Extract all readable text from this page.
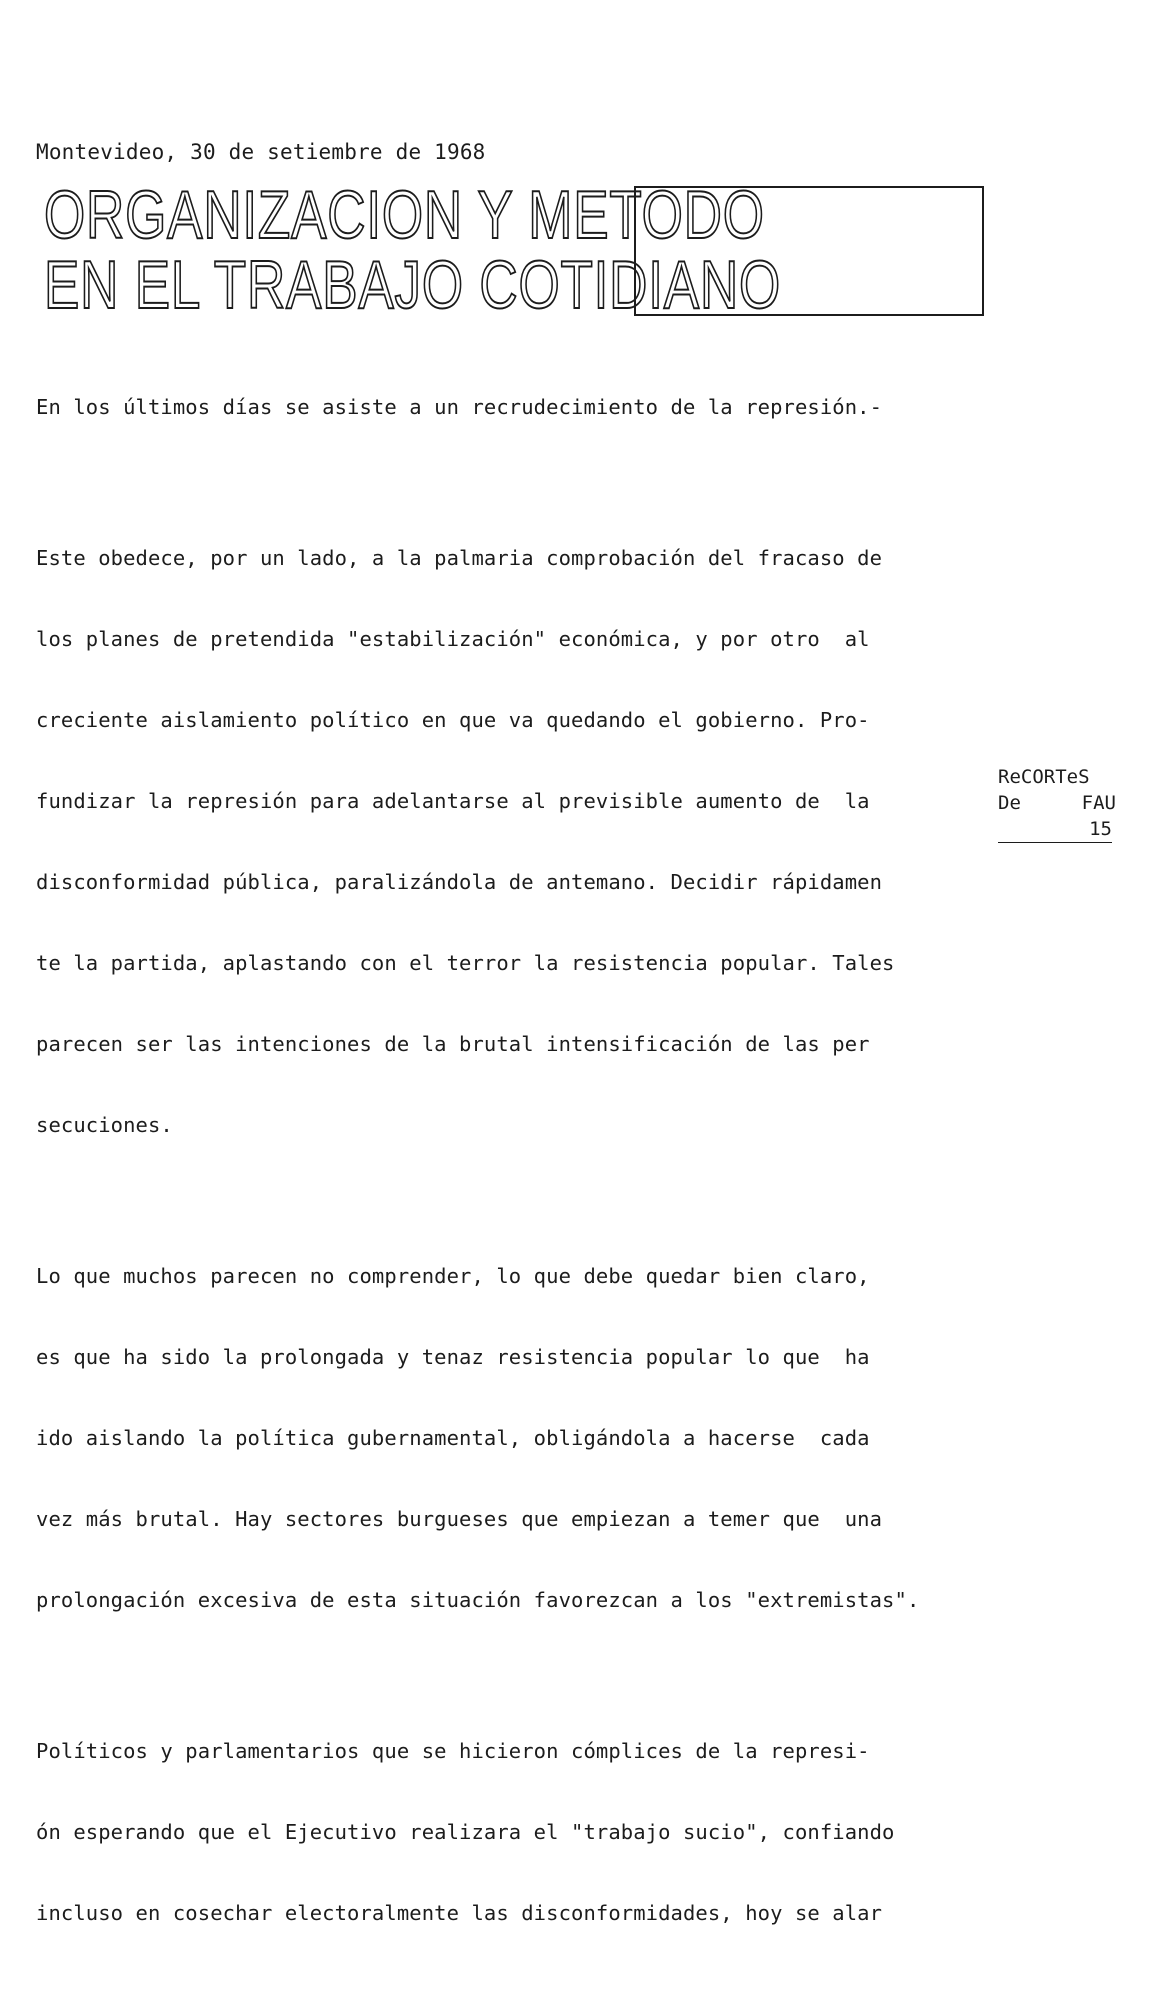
Montevideo, 30 de setiembre de 1968
ORGANIZACION Y METODO
EN EL TRABAJO COTIDIANO

En los últimos días se asiste a un recrudecimiento de la represión.-

Este obedece, por un lado, a la palmaria comprobación del fracaso de

los planes de pretendida "estabilización" económica, y por otro  al

creciente aislamiento político en que va quedando el gobierno. Pro-

fundizar la represión para adelantarse al previsible aumento de  la

disconformidad pública, paralizándola de antemano. Decidir rápidamen

te la partida, aplastando con el terror la resistencia popular. Tales

parecen ser las intenciones de la brutal intensificación de las per

secuciones.

Lo que muchos parecen no comprender, lo que debe quedar bien claro,

es que ha sido la prolongada y tenaz resistencia popular lo que  ha

ido aislando la política gubernamental, obligándola a hacerse  cada

vez más brutal. Hay sectores burgueses que empiezan a temer que  una

prolongación excesiva de esta situación favorezcan a los "extremistas".

Políticos y parlamentarios que se hicieron cómplices de la represi-

ón esperando que el Ejecutivo realizara el "trabajo sucio", confiando

incluso en cosechar electoralmente las disconformidades, hoy se alar

ReCORTeS
De	FAU
15
